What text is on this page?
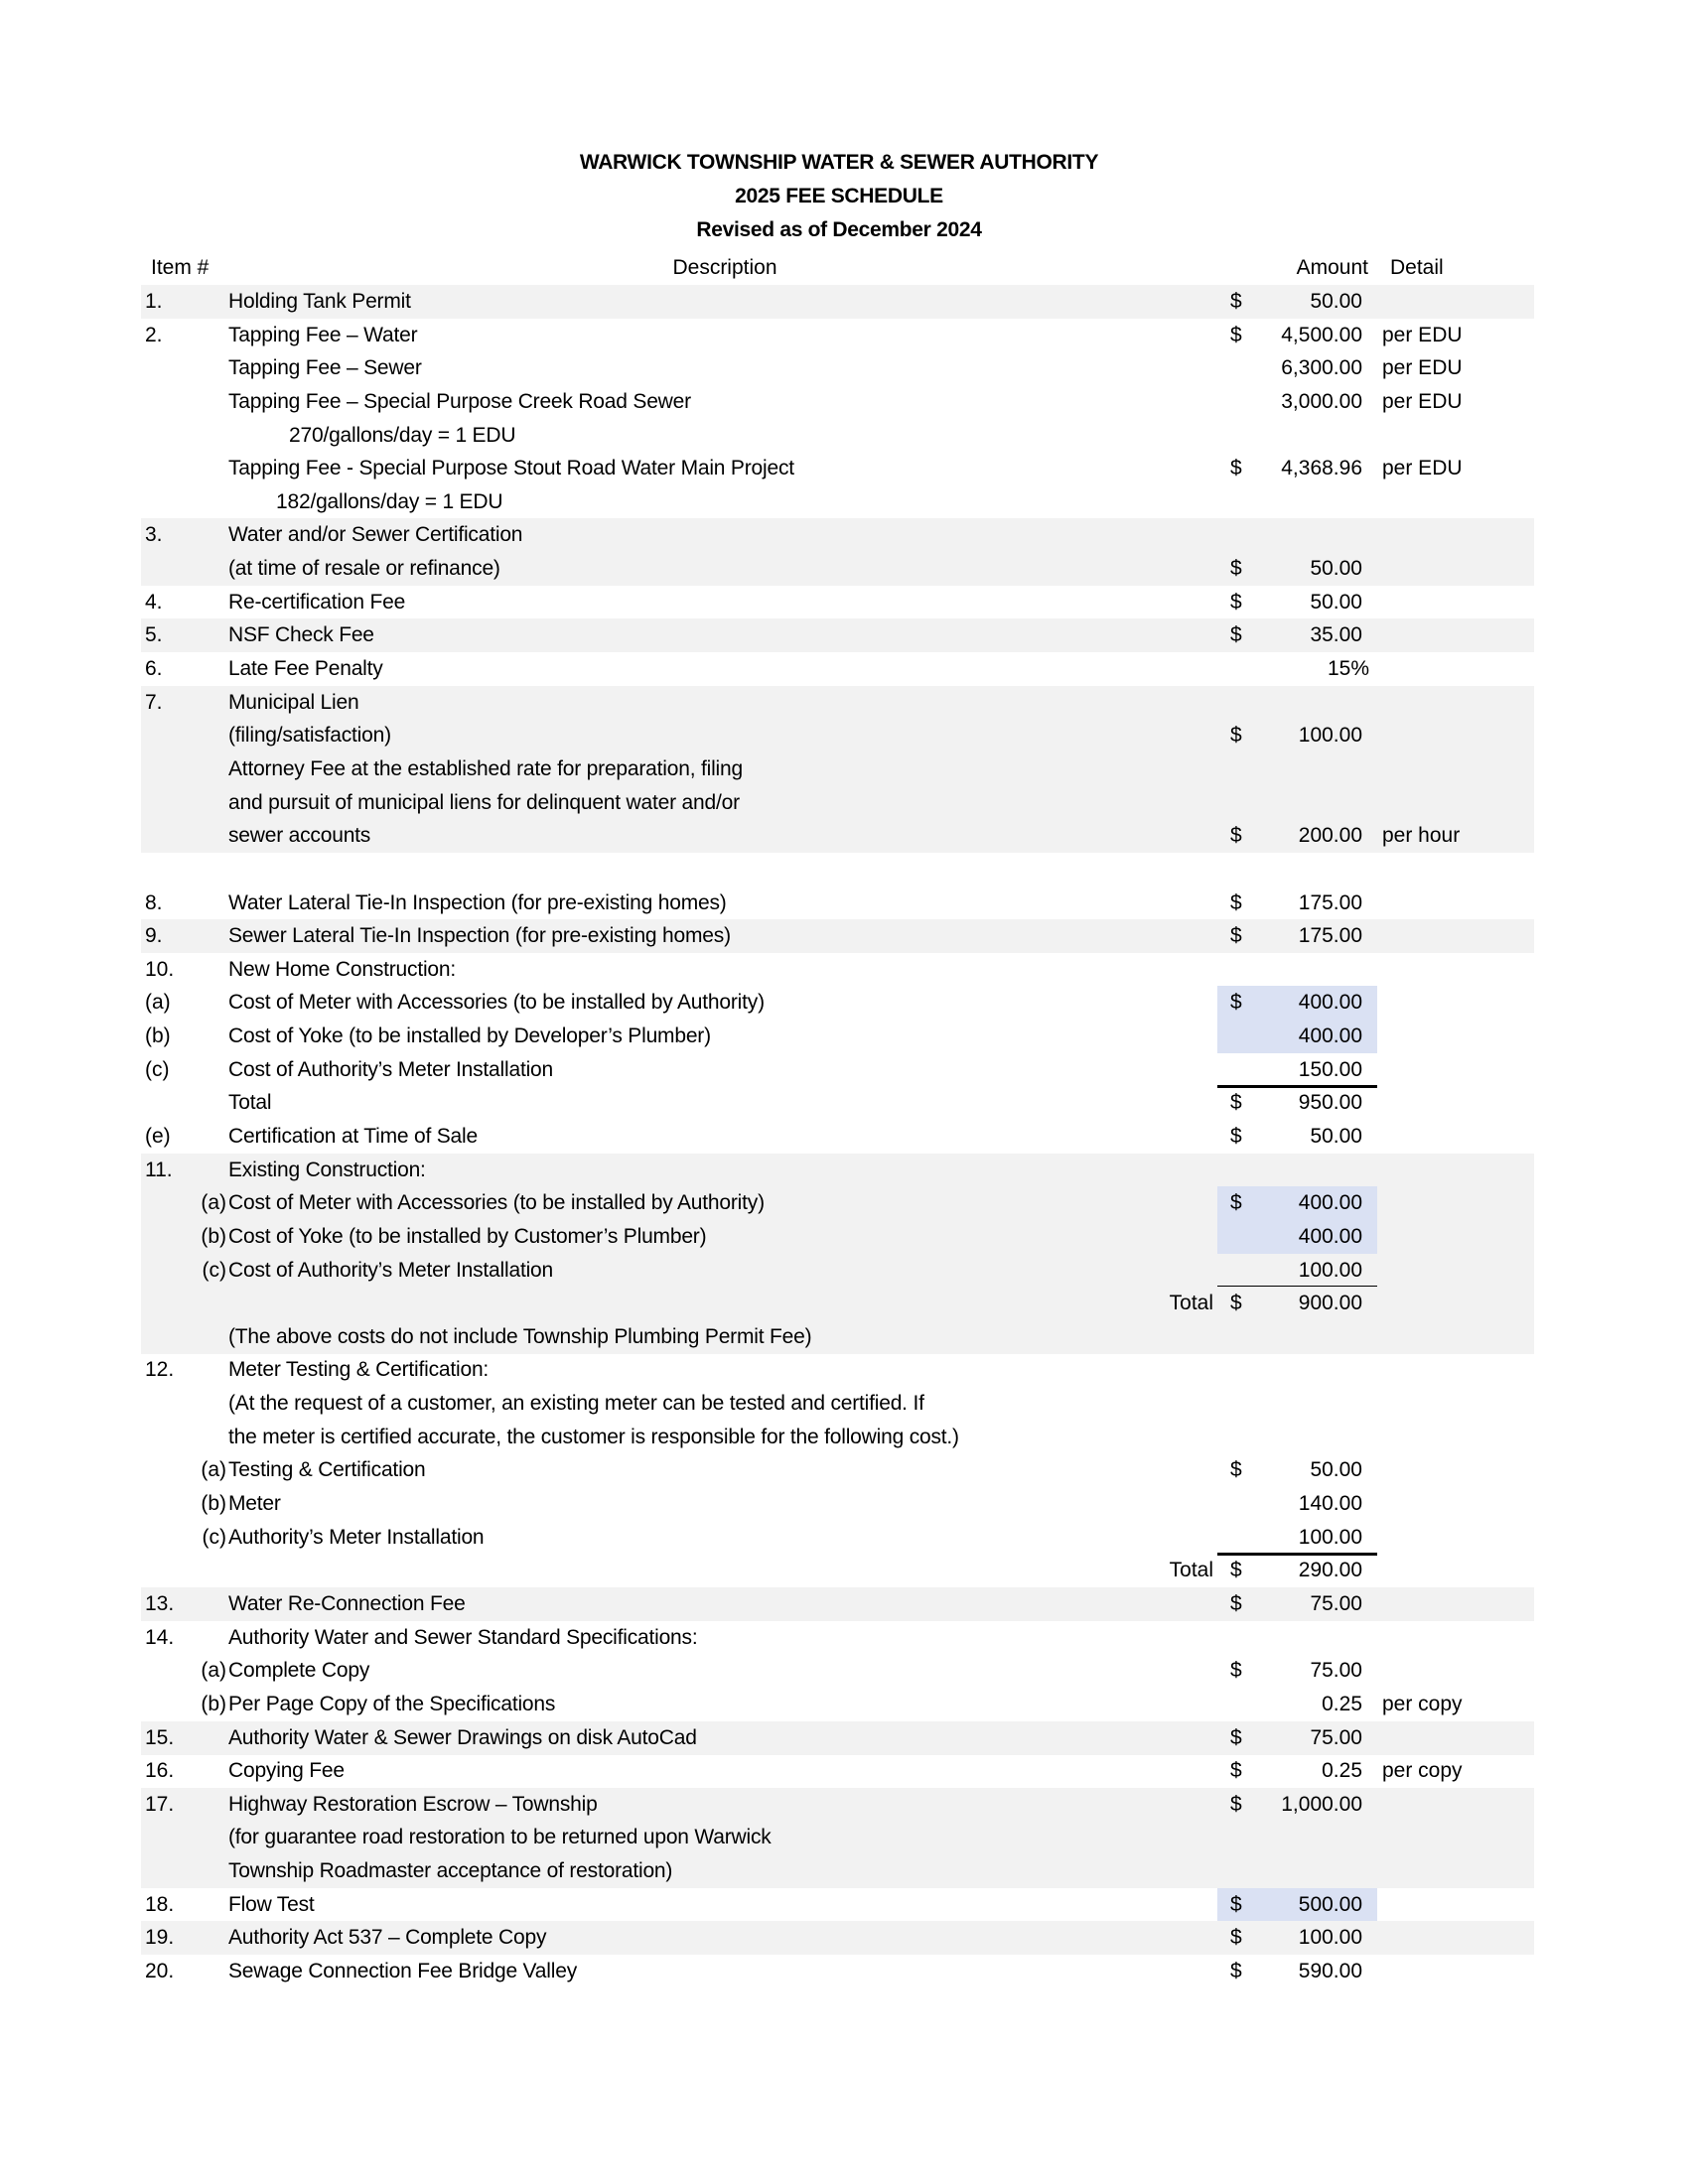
WARWICK TOWNSHIP WATER & SEWER AUTHORITY
2025 FEE SCHEDULE
Revised as of December 2024
Item #	Description	Amount Detail
1.	Holding Tank Permit	$	50.00
2.	Tapping Fee – Water	$ 4,500.00 per EDU
Tapping Fee – Sewer	6,300.00 per EDU
Tapping Fee – Special Purpose Creek Road Sewer	3,000.00 per EDU
270/gallons/day = 1 EDU
Tapping Fee - Special Purpose Stout Road Water Main Project	$ 4,368.96 per EDU
182/gallons/day = 1 EDU
3.	Water and/or Sewer Certification
(at time of resale or refinance)	$	50.00
4.	Re-certification Fee	$	50.00
5.	NSF Check Fee	$	35.00
6.	Late Fee Penalty	15%
7.	Municipal Lien
(filing/satisfaction)	$	100.00
Attorney Fee at the established rate for preparation, filing
and pursuit of municipal liens for delinquent water and/or
sewer accounts	$	200.00 per hour
8.	Water Lateral Tie-In Inspection (for pre-existing homes)	$	175.00
9.	Sewer Lateral Tie-In Inspection (for pre-existing homes)	$	175.00
10.	New Home Construction:
(a)	Cost of Meter with Accessories (to be installed by Authority)	$	400.00
(b)	Cost of Yoke (to be installed by Developer’s Plumber)	400.00
(c)	Cost of Authority’s Meter Installation	150.00
Total	$	950.00
(e)	Certification at Time of Sale	$	50.00
11.	Existing Construction:
(a) Cost of Meter with Accessories (to be installed by Authority)	$	400.00
(b) Cost of Yoke (to be installed by Customer’s Plumber)	400.00
(c) Cost of Authority’s Meter Installation	100.00
Total $	900.00
(The above costs do not include Township Plumbing Permit Fee)
12.	Meter Testing & Certification:
(At the request of a customer, an existing meter can be tested and certified. If
the meter is certified accurate, the customer is responsible for the following cost.)
(a) Testing & Certification	$	50.00
(b) Meter	140.00
(c) Authority’s Meter Installation	100.00
Total $	290.00
13.	Water Re-Connection Fee	$	75.00
14.	Authority Water and Sewer Standard Specifications:
(a) Complete Copy	$	75.00
(b) Per Page Copy of the Specifications	0.25 per copy
15.	Authority Water & Sewer Drawings on disk AutoCad	$	75.00
16.	Copying Fee	$	0.25 per copy
17.	Highway Restoration Escrow – Township	$ 1,000.00
(for guarantee road restoration to be returned upon Warwick
Township Roadmaster acceptance of restoration)
18.	Flow Test	$	500.00
19.	Authority Act 537 – Complete Copy	$	100.00
20.	Sewage Connection Fee Bridge Valley	$	590.00
